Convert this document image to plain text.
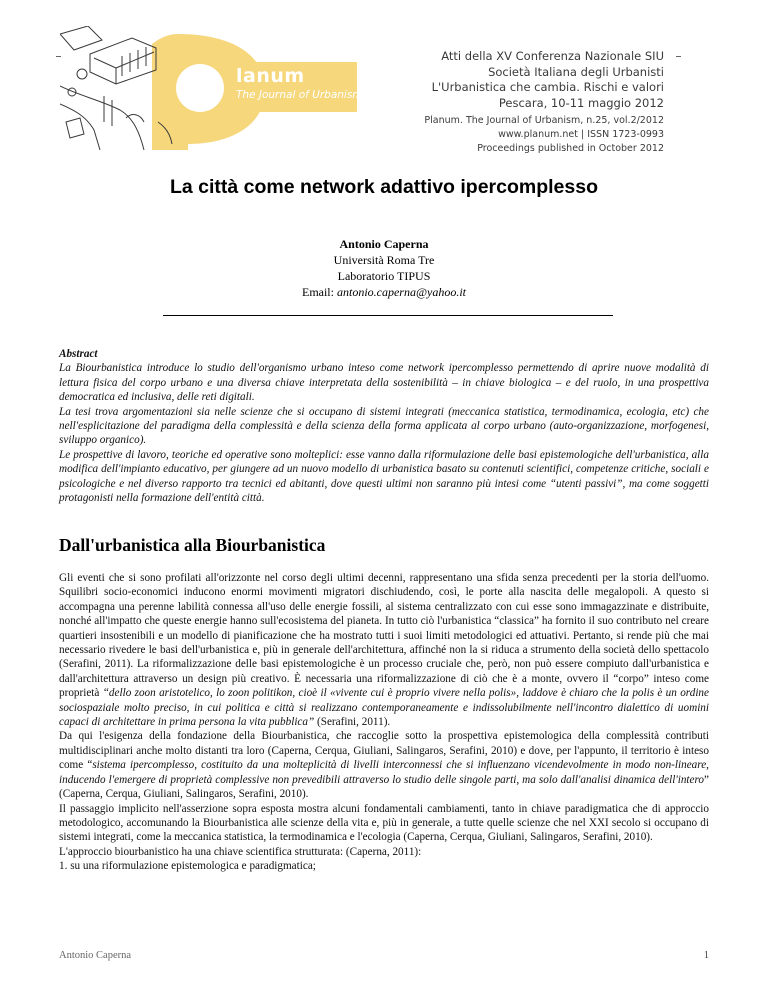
lanum
The Journal of Urbanism
Atti della XV Conferenza Nazionale SIU
Società Italiana degli Urbanisti
L'Urbanistica che cambia. Rischi e valori
Pescara, 10-11 maggio 2012
Planum. The Journal of Urbanism, n.25, vol.2/2012
www.planum.net | ISSN 1723-0993
Proceedings published in October 2012
La città come network adattivo ipercomplesso
Antonio Caperna
Università Roma Tre
Laboratorio TIPUS
Email: antonio.caperna@yahoo.it
Abstract

La Biourbanistica introduce lo studio dell'organismo urbano inteso come network ipercomplesso permettendo di aprire nuove modalità di lettura fisica del corpo urbano e una diversa chiave interpretata della sostenibilità – in chiave biologica – e del ruolo, in una prospettiva democratica ed inclusiva, delle reti digitali.

La tesi trova argomentazioni sia nelle scienze che si occupano di sistemi integrati (meccanica statistica, termodinamica, ecologia, etc) che nell'esplicitazione del paradigma della complessità e della scienza della forma applicata al corpo urbano (auto-organizzazione, morfogenesi, sviluppo organico).

Le prospettive di lavoro, teoriche ed operative sono molteplici: esse vanno dalla riformulazione delle basi epistemologiche dell'urbanistica, alla modifica dell'impianto educativo, per giungere ad un nuovo modello di urbanistica basato su contenuti scientifici, competenze critiche, sociali e psicologiche e nel diverso rapporto tra tecnici ed abitanti, dove questi ultimi non saranno più intesi come “utenti passivi”, ma come soggetti protagonisti nella formazione dell'entità città.

Dall'urbanistica alla Biourbanistica

Gli eventi che si sono profilati all'orizzonte nel corso degli ultimi decenni, rappresentano una sfida senza precedenti per la storia dell'uomo. Squilibri socio-economici inducono enormi movimenti migratori dischiudendo, così, le porte alla nascita delle megalopoli. A questo si accompagna una perenne labilità connessa all'uso delle energie fossili, al sistema centralizzato con cui esse sono immagazzinate e distribuite, nonché all'impatto che queste energie hanno sull'ecosistema del pianeta. In tutto ciò l'urbanistica “classica” ha fornito il suo contributo nel creare quartieri insostenibili e un modello di pianificazione che ha mostrato tutti i suoi limiti metodologici ed attuativi. Pertanto, si rende più che mai necessario rivedere le basi dell'urbanistica e, più in generale dell'architettura, affinché non la si riduca a strumento della società dello spettacolo (Serafini, 2011). La riformalizzazione delle basi epistemologiche è un processo cruciale che, però, non può essere compiuto dall'urbanistica e dall'architettura attraverso un design più creativo. È necessaria una riformalizzazione di ciò che è a monte, ovvero il “corpo” inteso come proprietà “dello zoon aristotelico, lo zoon politikon, cioè il «vivente cui è proprio vivere nella polis», laddove è chiaro che la polis è un ordine sociospaziale molto preciso, in cui politica e città si realizzano contemporaneamente e indissolubilmente nell'incontro dialettico di uomini capaci di architettare in prima persona la vita pubblica” (Serafini, 2011).

Da qui l'esigenza della fondazione della Biourbanistica, che raccoglie sotto la prospettiva epistemologica della complessità contributi multidisciplinari anche molto distanti tra loro (Caperna, Cerqua, Giuliani, Salingaros, Serafini, 2010) e dove, per l'appunto, il territorio è inteso come “sistema ipercomplesso, costituito da una molteplicità di livelli interconnessi che si influenzano vicendevolmente in modo non-lineare, inducendo l'emergere di proprietà complessive non prevedibili attraverso lo studio delle singole parti, ma solo dall'analisi dinamica dell'intero” (Caperna, Cerqua, Giuliani, Salingaros, Serafini, 2010).

Il passaggio implicito nell'asserzione sopra esposta mostra alcuni fondamentali cambiamenti, tanto in chiave paradigmatica che di approccio metodologico, accomunando la Biourbanistica alle scienze della vita e, più in generale, a tutte quelle scienze che nel XXI secolo si occupano di sistemi integrati, come la meccanica statistica, la termodinamica e l'ecologia (Caperna, Cerqua, Giuliani, Salingaros, Serafini, 2010).

L'approccio biourbanistico ha una chiave scientifica strutturata: (Caperna, 2011):

1. su una riformulazione epistemologica e paradigmatica;

Antonio Caperna	1
